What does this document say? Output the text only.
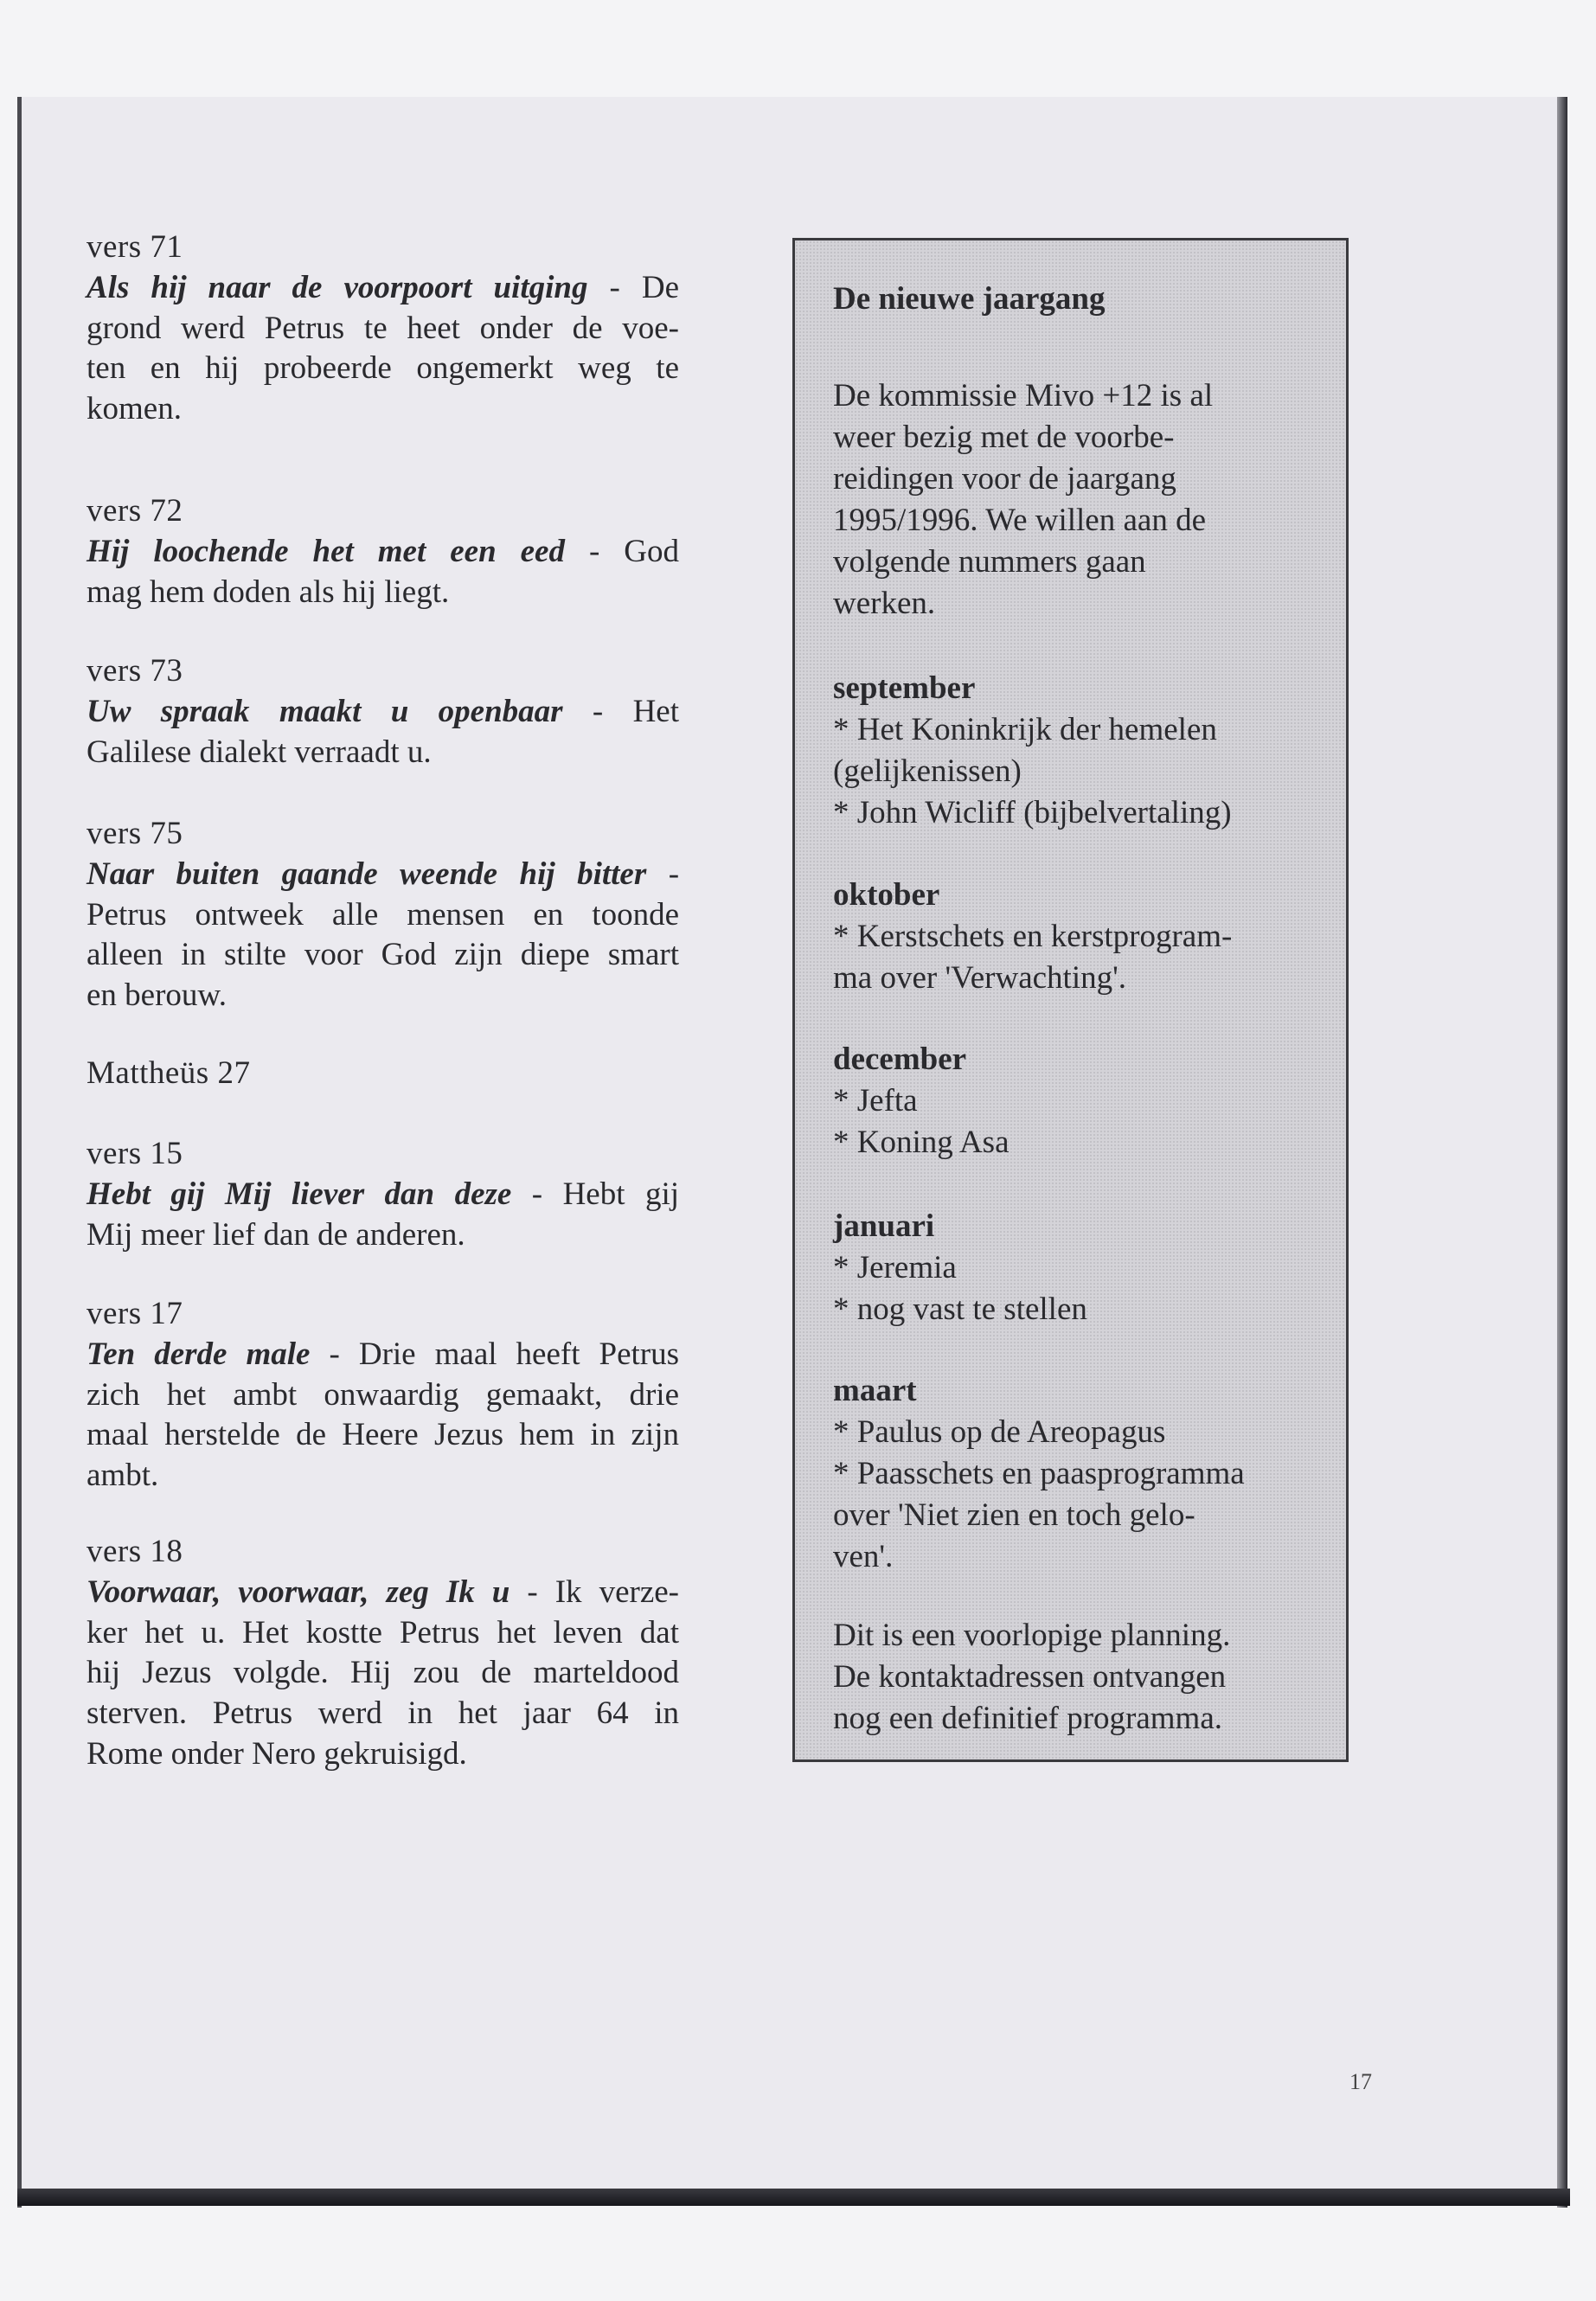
vers 71
Als hij naar de voorpoort uitging - De
grond werd Petrus te heet onder de voe-
ten en hij probeerde ongemerkt weg te
komen.
vers 72
Hij loochende het met een eed - God
mag hem doden als hij liegt.
vers 73
Uw spraak maakt u openbaar - Het
Galilese dialekt verraadt u.
vers 75
Naar buiten gaande weende hij bitter -
Petrus ontweek alle mensen en toonde
alleen in stilte voor God zijn diepe smart
en berouw.
Mattheüs 27
vers 15
Hebt gij Mij liever dan deze - Hebt gij
Mij meer lief dan de anderen.
vers 17
Ten derde male - Drie maal heeft Petrus
zich het ambt onwaardig gemaakt, drie
maal herstelde de Heere Jezus hem in zijn
ambt.
vers 18
Voorwaar, voorwaar, zeg Ik u - Ik verze-
ker het u. Het kostte Petrus het leven dat
hij Jezus volgde. Hij zou de marteldood
sterven. Petrus werd in het jaar 64 in
Rome onder Nero gekruisigd.
De nieuwe jaargang
De kommissie Mivo +12 is al
weer bezig met de voorbe-
reidingen voor de jaargang
1995/1996. We willen aan de
volgende nummers gaan
werken.
september
* Het Koninkrijk der hemelen
(gelijkenissen)
* John Wicliff (bijbelvertaling)
oktober
* Kerstschets en kerstprogram-
ma over 'Verwachting'.
december
* Jefta
* Koning Asa
januari
* Jeremia
* nog vast te stellen
maart
* Paulus op de Areopagus
* Paasschets en paasprogramma
over 'Niet zien en toch gelo-
ven'.
Dit is een voorlopige planning.
De kontaktadressen ontvangen
nog een definitief programma.
17
